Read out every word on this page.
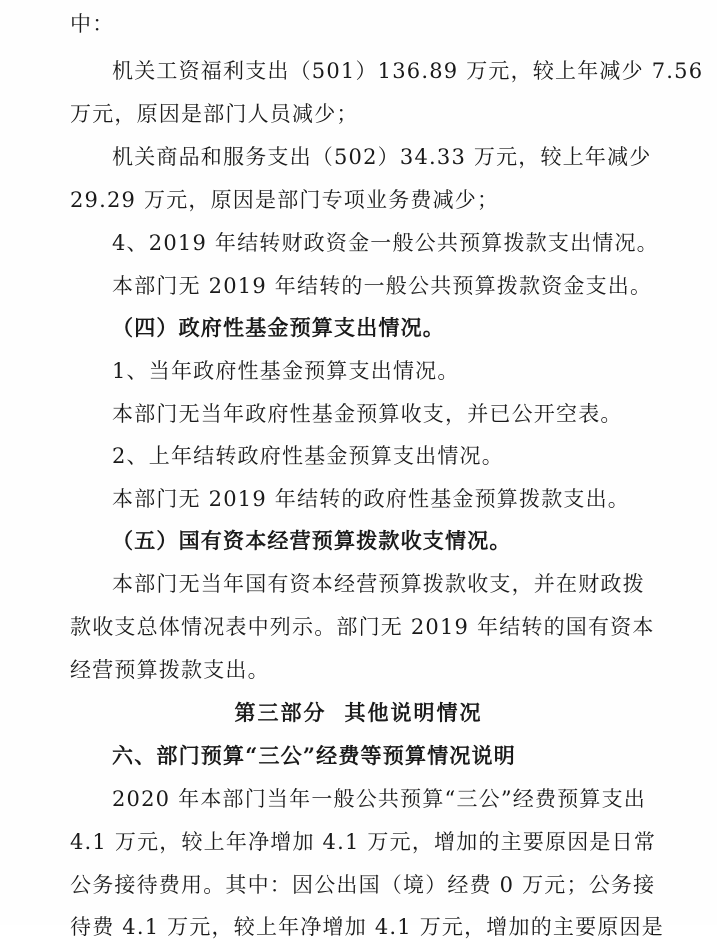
中：
机关工资福利支出（501）136.89 万元，较上年减少 7.56
万元，原因是部门人员减少；
机关商品和服务支出（502）34.33 万元，较上年减少
29.29 万元，原因是部门专项业务费减少；
4、2019 年结转财政资金一般公共预算拨款支出情况。
本部门无 2019 年结转的一般公共预算拨款资金支出。
（四）政府性基金预算支出情况。
1、当年政府性基金预算支出情况。
本部门无当年政府性基金预算收支，并已公开空表。
2、上年结转政府性基金预算支出情况。
本部门无 2019 年结转的政府性基金预算拨款支出。
（五）国有资本经营预算拨款收支情况。
本部门无当年国有资本经营预算拨款收支，并在财政拨
款收支总体情况表中列示。部门无 2019 年结转的国有资本
经营预算拨款支出。
第三部分 其他说明情况
六、部门预算“三公”经费等预算情况说明
2020 年本部门当年一般公共预算“三公”经费预算支出
4.1 万元，较上年净增加 4.1 万元，增加的主要原因是日常
公务接待费用。其中：因公出国（境）经费 0 万元；公务接
待费 4.1 万元，较上年净增加 4.1 万元，增加的主要原因是
